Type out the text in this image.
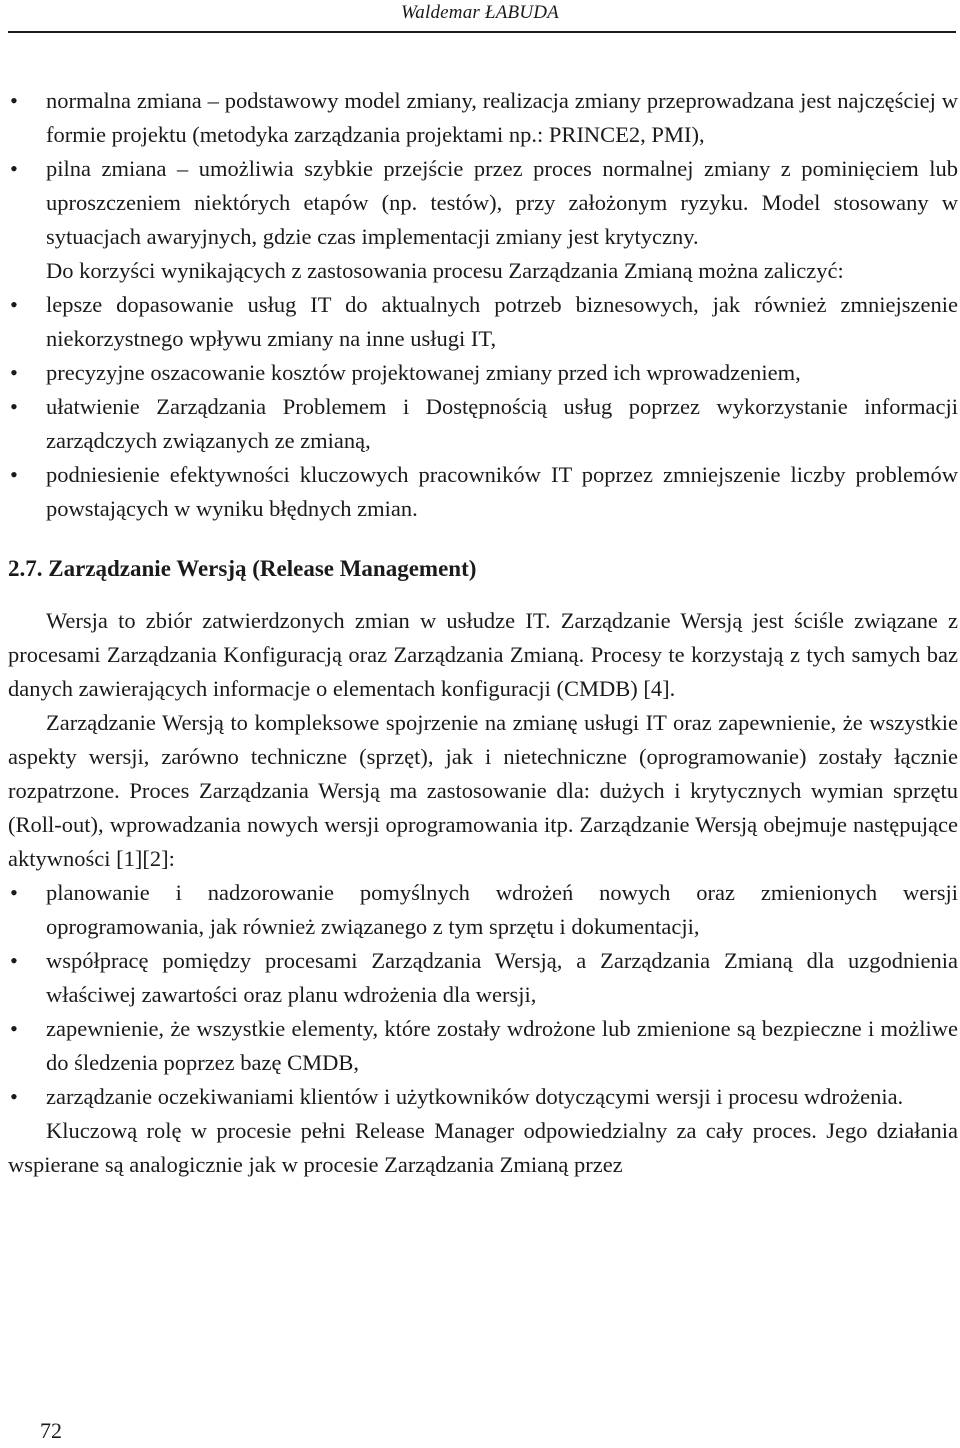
Waldemar ŁABUDA
• normalna zmiana – podstawowy model zmiany, realizacja zmiany przeprowadzana jest najczęściej w formie projektu (metodyka zarządzania projektami np.: PRINCE2, PMI),
• pilna zmiana – umożliwia szybkie przejście przez proces normalnej zmiany z pominięciem lub uproszczeniem niektórych etapów (np. testów), przy założonym ryzyku. Model stosowany w sytuacjach awaryjnych, gdzie czas implementacji zmiany jest krytyczny.

Do korzyści wynikających z zastosowania procesu Zarządzania Zmianą można zaliczyć:

• lepsze dopasowanie usług IT do aktualnych potrzeb biznesowych, jak również zmniejszenie niekorzystnego wpływu zmiany na inne usługi IT,
• precyzyjne oszacowanie kosztów projektowanej zmiany przed ich wprowadzeniem,
• ułatwienie Zarządzania Problemem i Dostępnością usług poprzez wykorzystanie informacji zarządczych związanych ze zmianą,
• podniesienie efektywności kluczowych pracowników IT poprzez zmniejszenie liczby problemów powstających w wyniku błędnych zmian.
2.7. Zarządzanie Wersją (Release Management)

Wersja to zbiór zatwierdzonych zmian w usłudze IT. Zarządzanie Wersją jest ściśle związane z procesami Zarządzania Konfiguracją oraz Zarządzania Zmianą. Procesy te korzystają z tych samych baz danych zawierających informacje o elementach konfiguracji (CMDB) [4].

Zarządzanie Wersją to kompleksowe spojrzenie na zmianę usługi IT oraz zapewnienie, że wszystkie aspekty wersji, zarówno techniczne (sprzęt), jak i nietechniczne (oprogramowanie) zostały łącznie rozpatrzone. Proces Zarządzania Wersją ma zastosowanie dla: dużych i krytycznych wymian sprzętu (Roll-out), wprowadzania nowych wersji oprogramowania itp. Zarządzanie Wersją obejmuje następujące aktywności [1][2]:

• planowanie i nadzorowanie pomyślnych wdrożeń nowych oraz zmienionych wersji oprogramowania, jak również związanego z tym sprzętu i dokumentacji,
• współpracę pomiędzy procesami Zarządzania Wersją, a Zarządzania Zmianą dla uzgodnienia właściwej zawartości oraz planu wdrożenia dla wersji,
• zapewnienie, że wszystkie elementy, które zostały wdrożone lub zmienione są bezpieczne i możliwe do śledzenia poprzez bazę CMDB,
• zarządzanie oczekiwaniami klientów i użytkowników dotyczącymi wersji i procesu wdrożenia.

Kluczową rolę w procesie pełni Release Manager odpowiedzialny za cały proces. Jego działania wspierane są analogicznie jak w procesie Zarządzania Zmianą przez

72
